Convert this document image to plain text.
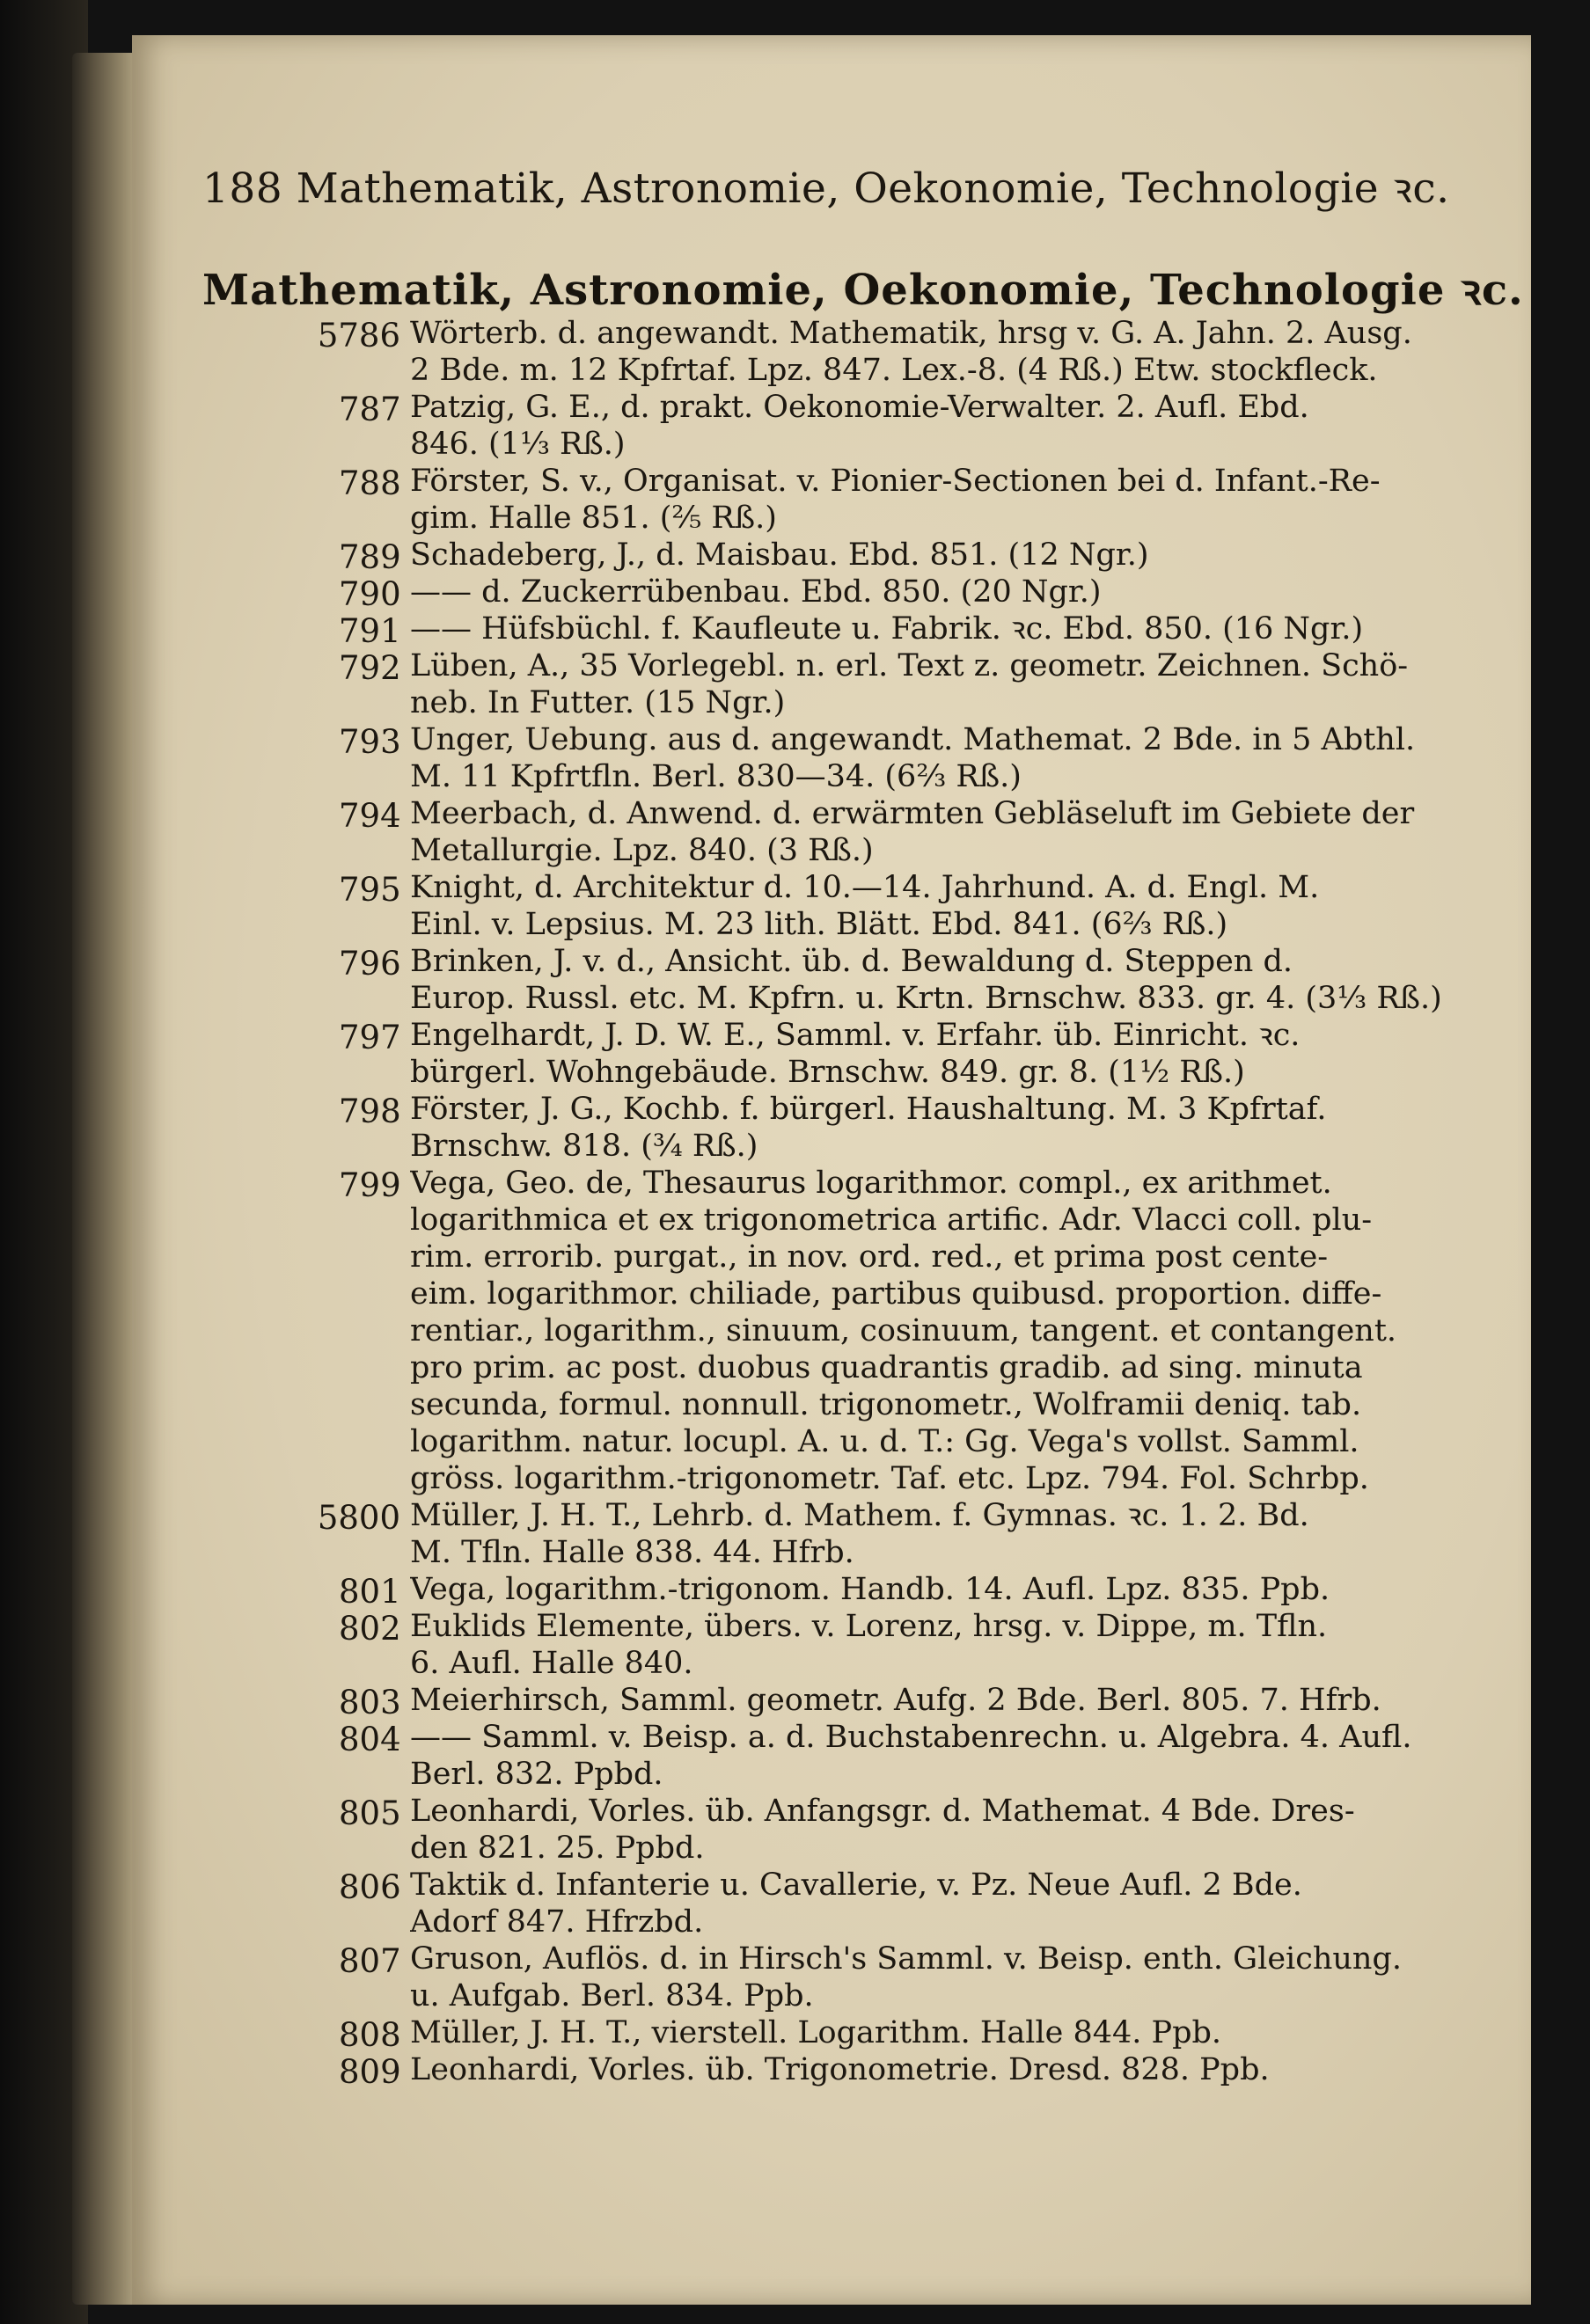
188 Mathematik, Astronomie, Oekonomie, Technologie ꝛc.
Mathematik, Astronomie, Oekonomie, Technologie ꝛc.
5786 Wörterb. d. angewandt. Mathematik, hrsg v. G. A. Jahn. 2. Ausg.
2 Bde. m. 12 Kpfrtaf. Lpz. 847. Lex.-8. (4 Rß.) Etw. stockfleck.
787 Patzig, G. E., d. prakt. Oekonomie-Verwalter. 2. Aufl. Ebd.
846. (1⅓ Rß.)
788 Förster, S. v., Organisat. v. Pionier-Sectionen bei d. Infant.-Re-
gim. Halle 851. (⅖ Rß.)
789 Schadeberg, J., d. Maisbau. Ebd. 851. (12 Ngr.)
790 —— d. Zuckerrübenbau. Ebd. 850. (20 Ngr.)
791 —— Hüfsbüchl. f. Kaufleute u. Fabrik. ꝛc. Ebd. 850. (16 Ngr.)
792 Lüben, A., 35 Vorlegebl. n. erl. Text z. geometr. Zeichnen. Schö-
neb. In Futter. (15 Ngr.)
793 Unger, Uebung. aus d. angewandt. Mathemat. 2 Bde. in 5 Abthl.
M. 11 Kpfrtfln. Berl. 830—34. (6⅔ Rß.)
794 Meerbach, d. Anwend. d. erwärmten Gebläseluft im Gebiete der
Metallurgie. Lpz. 840. (3 Rß.)
795 Knight, d. Architektur d. 10.—14. Jahrhund. A. d. Engl. M.
Einl. v. Lepsius. M. 23 lith. Blätt. Ebd. 841. (6⅔ Rß.)
796 Brinken, J. v. d., Ansicht. üb. d. Bewaldung d. Steppen d.
Europ. Russl. etc. M. Kpfrn. u. Krtn. Brnschw. 833. gr. 4. (3⅓ Rß.)
797 Engelhardt, J. D. W. E., Samml. v. Erfahr. üb. Einricht. ꝛc.
bürgerl. Wohngebäude. Brnschw. 849. gr. 8. (1½ Rß.)
798 Förster, J. G., Kochb. f. bürgerl. Haushaltung. M. 3 Kpfrtaf.
Brnschw. 818. (¾ Rß.)
799 Vega, Geo. de, Thesaurus logarithmor. compl., ex arithmet.
logarithmica et ex trigonometrica artific. Adr. Vlacci coll. plu-
rim. errorib. purgat., in nov. ord. red., et prima post cente-
eim. logarithmor. chiliade, partibus quibusd. proportion. diffe-
rentiar., logarithm., sinuum, cosinuum, tangent. et contangent.
pro prim. ac post. duobus quadrantis gradib. ad sing. minuta
secunda, formul. nonnull. trigonometr., Wolframii deniq. tab.
logarithm. natur. locupl. A. u. d. T.: Gg. Vega's vollst. Samml.
gröss. logarithm.-trigonometr. Taf. etc. Lpz. 794. Fol. Schrbp.
5800 Müller, J. H. T., Lehrb. d. Mathem. f. Gymnas. ꝛc. 1. 2. Bd.
M. Tfln. Halle 838. 44. Hfrb.
801 Vega, logarithm.-trigonom. Handb. 14. Aufl. Lpz. 835. Ppb.
802 Euklids Elemente, übers. v. Lorenz, hrsg. v. Dippe, m. Tfln.
6. Aufl. Halle 840.
803 Meierhirsch, Samml. geometr. Aufg. 2 Bde. Berl. 805. 7. Hfrb.
804 —— Samml. v. Beisp. a. d. Buchstabenrechn. u. Algebra. 4. Aufl.
Berl. 832. Ppbd.
805 Leonhardi, Vorles. üb. Anfangsgr. d. Mathemat. 4 Bde. Dres-
den 821. 25. Ppbd.
806 Taktik d. Infanterie u. Cavallerie, v. Pz. Neue Aufl. 2 Bde.
Adorf 847. Hfrzbd.
807 Gruson, Auflös. d. in Hirsch's Samml. v. Beisp. enth. Gleichung.
u. Aufgab. Berl. 834. Ppb.
808 Müller, J. H. T., vierstell. Logarithm. Halle 844. Ppb.
809 Leonhardi, Vorles. üb. Trigonometrie. Dresd. 828. Ppb.
